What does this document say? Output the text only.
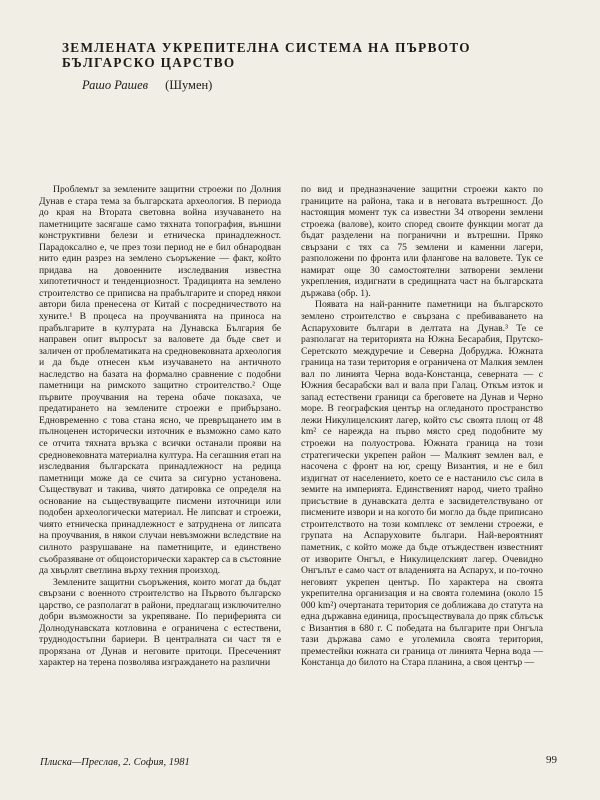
ЗЕМЛЕНАТА УКРЕПИТЕЛНА СИСТЕМА НА ПЪРВОТО
БЪЛГАРСКО ЦАРСТВО
Рашо Рашев (Шумен)

Проблемът за землените защитни строежи по Долния Дунав е стара тема за българската археология. В периода до края на Втората световна война изучаването на паметниците засягаше само тяхната топография, външни конструктивни белези и етническа принадлежност. Парадоксално е, че през този период не е бил обнародван нито един разрез на землено съоръжение — факт, който придава на довоенните изследвания известна хипотетичност и тенденциозност. Традицията на землено строителство се приписва на прабългарите и според някои автори била пренесена от Китай с посредничеството на хуните.¹ В процеса на проучванията на приноса на прабългарите в културата на Дунавска България бе направен опит въпросът за валовете да бъде свет и заличен от проблематиката на средновековната археология и да бъде отнесен към изучаването на античното наследство на базата на формално сравнение с подобни паметници на римското защитно строителство.² Още първите проучвания на терена обаче показаха, че предатирането на землените строежи е прибързано. Едновременно с това стана ясно, че превръщането им в пълноценен исторически източник е възможно само като се отчита тяхната връзка с всички останали прояви на средновековната материална култура. На сегашния етап на изследвания българската принадлежност на редица паметници може да се счита за сигурно установена. Съществуват и такива, чиято датировка се определя на основание на съществуващите писмени източници или подобен археологически материал. Не липсват и строежи, чиято етническа принадлежност е затруднена от липсата на проучвания, в някои случаи невъзможни вследствие на силното разрушаване на паметниците, и единствено съобразяване от общоисторически характер са в състояние да хвърлят светлина върху техния произход.

Землените защитни съоръжения, които могат да бъдат свързани с военното строителство на Първото българско царство, се разполагат в райони, предлагащ изключително добри възможности за укрепяване. По периферията си Долнодунавската котловина е ограничена с естествени, труднодостъпни бариери. В централната си част тя е прорязана от Дунав и неговите притоци. Пресеченият характер на терена позволява изграждането на различни

по вид и предназначение защитни строежи както по границите на района, така и в неговата вътрешност. До настоящия момент тук са известни 34 отворени землени строежа (валове), които според своите функции могат да бъдат разделени на погранични и вътрешни. Пряко свързани с тях са 75 землени и каменни лагери, разположени по фронта или флангове на валовете. Тук се намират още 30 самостоятелни затворени землени укрепления, издигнати в средищната част на българската държава (обр. 1).

Появата на най-ранните паметници на българското землено строителство е свързана с пребиваването на Аспаруховите българи в делтата на Дунав.³ Те се разполагат на територията на Южна Бесарабия, Прутско-Серетското междуречие и Северна Добруджа. Южната граница на тази територия е ограничена от Малкия землен вал по линията Черна вода-Констанца, северната — с Южния бесарабски вал и вала при Галац. Откъм изток и запад естествени граници са бреговете на Дунав и Черно море. В географския център на огледаното пространство лежи Никулицелският лагер, който със своята площ от 48 km² се нарежда на първо място сред подобните му строежи на полуострова. Южната граница на този стратегически укрепен район — Малкият землен вал, е насочена с фронт на юг, срещу Византия, и не е бил издигнат от населението, което се е настанило със сила в земите на империята. Единственият народ, чието трайно присъствие в дунавската делта е засвидетелствувано от писмените извори и на когото би могло да бъде приписано строителството на този комплекс от землени строежи, е групата на Аспаруховите българи. Най-вероятният паметник, с който може да бъде отъждествен известният от изворите Онгъл, е Никулицелският лагер. Очевидно Онгълът е само част от владенията на Аспарух, и по-точно неговият укрепен център. По характера на своята укрепителна организация и на своята големина (около 15 000 km²) очертаната територия се доближава до статута на една държавна единица, просъществувала до пряк сблъсък с Византия в 680 г. С победата на българите при Онгъла тази държава само е уголемила своята територия, преместейки южната си граница от линията Черна вода — Констанца до билото на Стара планина, а своя център —

Плиска—Преслав, 2. София, 1981	99
